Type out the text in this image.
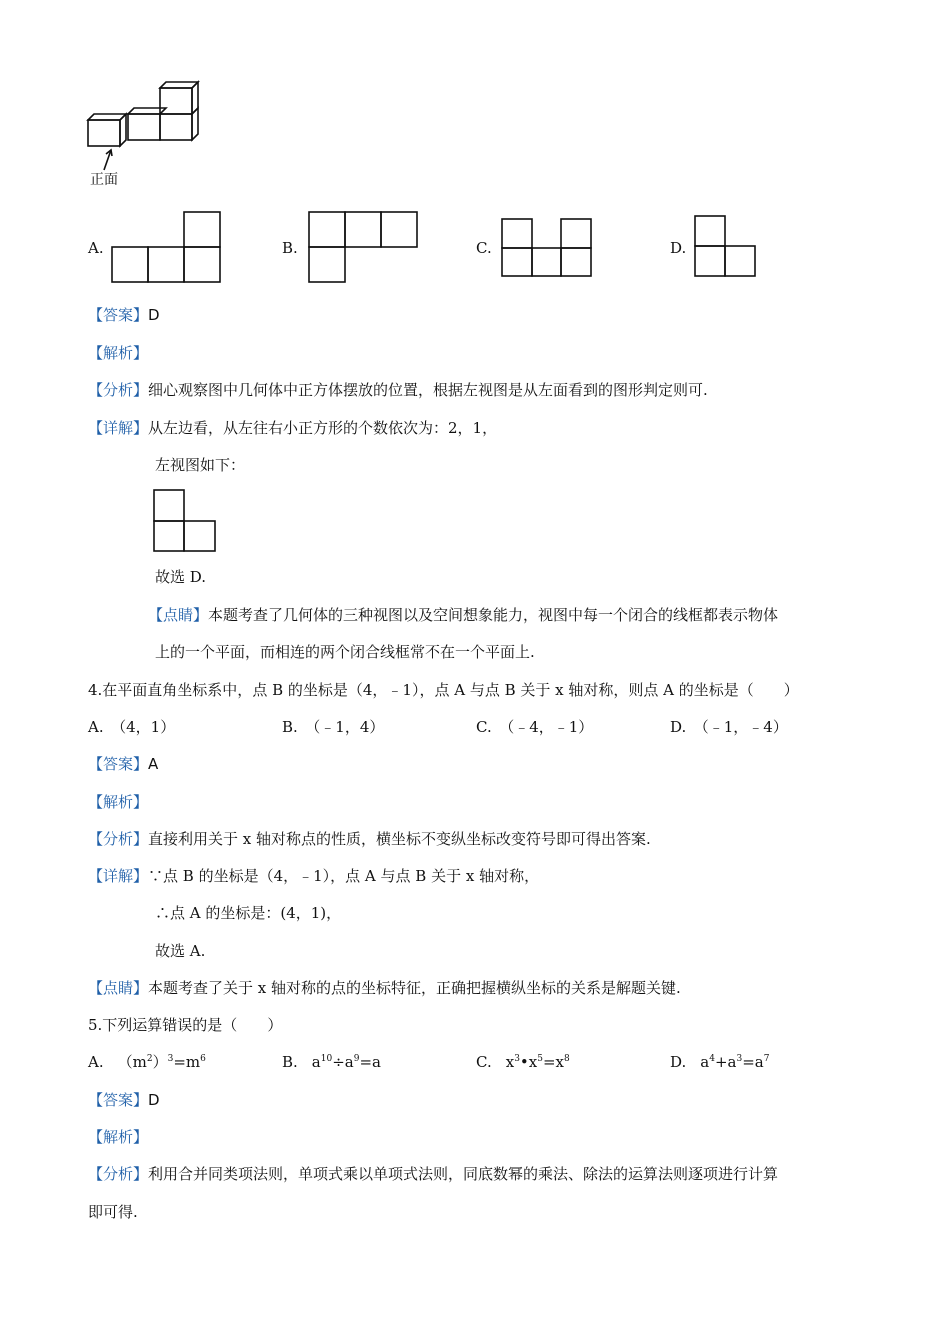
正面
A.	B.	C.	D.
【答案】D
【解析】
【分析】细心观察图中几何体中正方体摆放的位置，根据左视图是从左面看到的图形判定则可.
【详解】从左边看，从左往右小正方形的个数依次为：2，1，
左视图如下：
故选 D.
【点睛】本题考查了几何体的三种视图以及空间想象能力，视图中每一个闭合的线框都表示物体
上的一个平面，而相连的两个闭合线框常不在一个平面上.
4.在平面直角坐标系中，点 B 的坐标是（4，﹣1），点 A 与点 B 关于 x 轴对称，则点 A 的坐标是（　　）
A.　（4，1）	B.　（﹣1，4）	C.　（﹣4，﹣1）	D.　（﹣1，﹣4）
【答案】A
【解析】
【分析】直接利用关于 x 轴对称点的性质，横坐标不变纵坐标改变符号即可得出答案.
【详解】∵点 B 的坐标是（4，﹣1），点 A 与点 B 关于 x 轴对称，
∴点 A 的坐标是：(4，1)，
故选 A.
【点睛】本题考查了关于 x 轴对称的点的坐标特征，正确把握横纵坐标的关系是解题关键.
5.下列运算错误的是（　　）
A. $(m^2)^3=m^6$	B. $a^{10}\div a^9=a$	C. $x^3•x^5=x^8$	D. $a^4+a^3=a^7$
【答案】D
【解析】
【分析】利用合并同类项法则，单项式乘以单项式法则，同底数幂的乘法、除法的运算法则逐项进行计算
即可得.
